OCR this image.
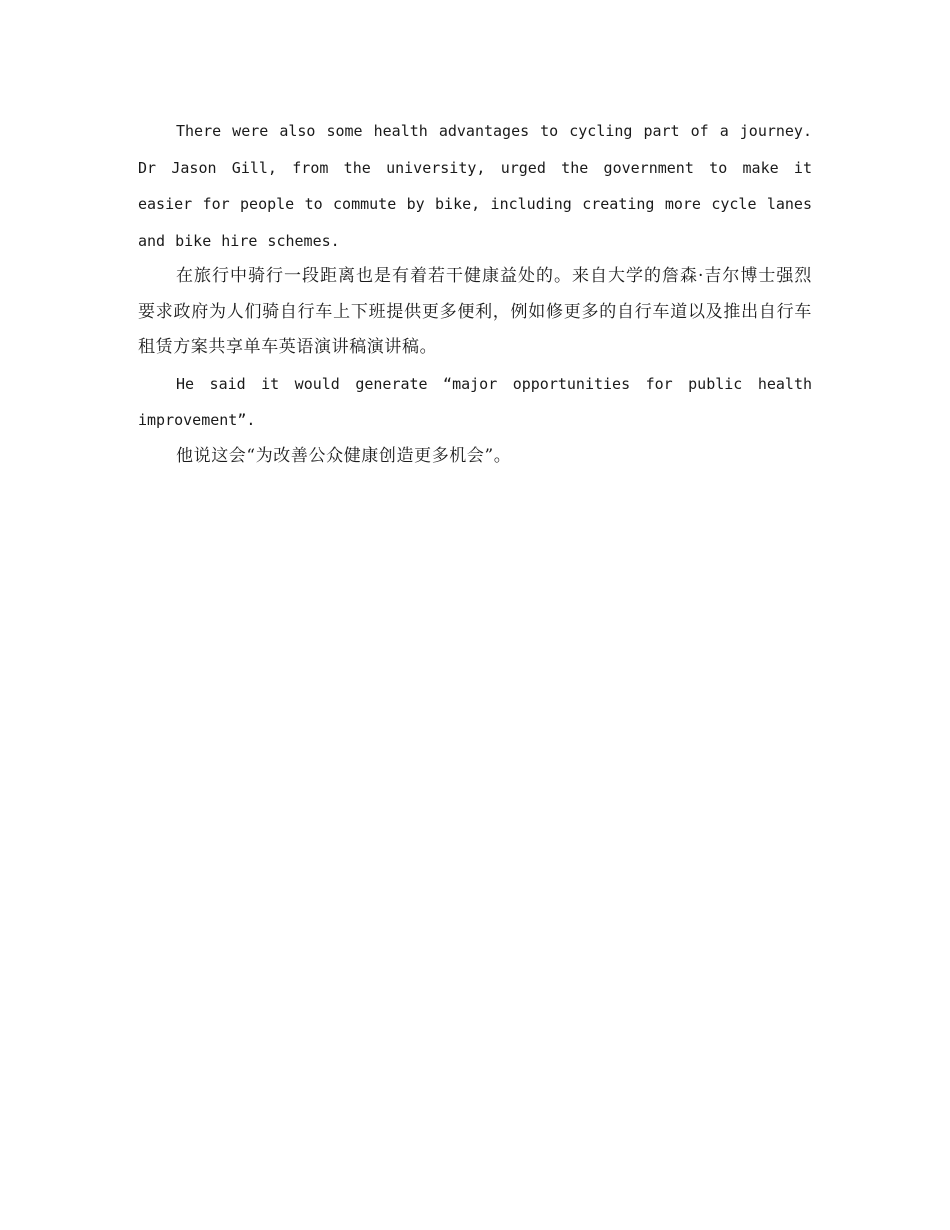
There were also some health advantages to cycling part of a journey. Dr Jason Gill, from the university, urged the government to make it easier for people to commute by bike, including creating more cycle lanes and bike hire schemes.

在旅行中骑行一段距离也是有着若干健康益处的。来自大学的詹森·吉尔博士强烈要求政府为人们骑自行车上下班提供更多便利，例如修更多的自行车道以及推出自行车租赁方案共享单车英语演讲稿演讲稿。

He said it would generate “major opportunities for public health improvement”.

他说这会“为改善公众健康创造更多机会”。
